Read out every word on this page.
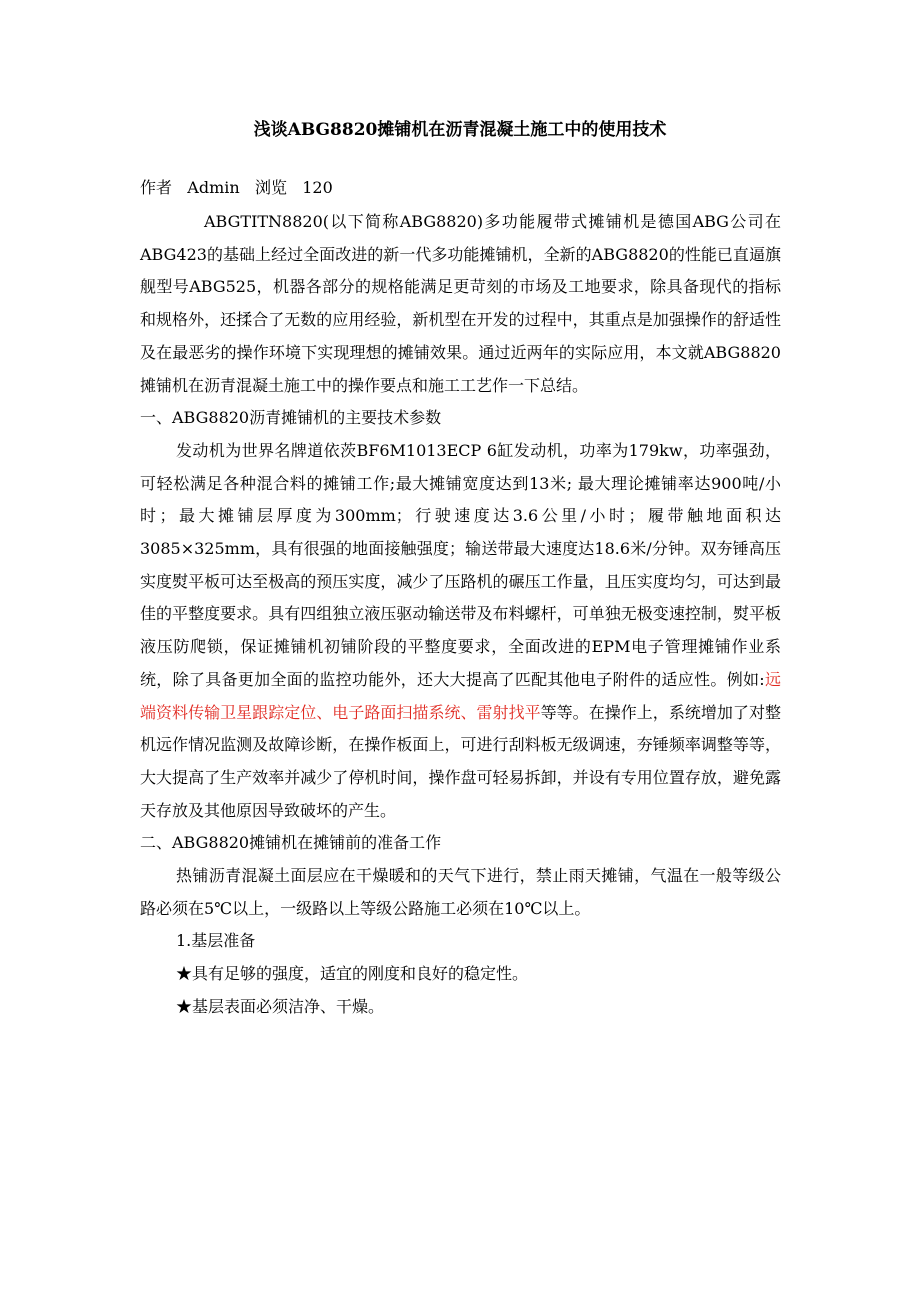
浅谈ABG8820摊铺机在沥青混凝土施工中的使用技术
作者 Admin 浏览 120

ABGTITN8820(以下简称ABG8820)多功能履带式摊铺机是德国ABG公司在ABG423的基础上经过全面改进的新一代多功能摊铺机，全新的ABG8820的性能已直逼旗舰型号ABG525，机器各部分的规格能满足更苛刻的市场及工地要求，除具备现代的指标和规格外，还揉合了无数的应用经验，新机型在开发的过程中，其重点是加强操作的舒适性及在最恶劣的操作环境下实现理想的摊铺效果。通过近两年的实际应用，本文就ABG8820摊铺机在沥青混凝土施工中的操作要点和施工工艺作一下总结。

一、ABG8820沥青摊铺机的主要技术参数

发动机为世界名牌道依茨BF6M1013ECP 6缸发动机，功率为179kw，功率强劲，可轻松满足各种混合料的摊铺工作;最大摊铺宽度达到13米; 最大理论摊铺率达900吨/小时；最大摊铺层厚度为300mm；行驶速度达3.6公里/小时；履带触地面积达3085×325mm，具有很强的地面接触强度；输送带最大速度达18.6米/分钟。双夯锤高压实度熨平板可达至极高的预压实度，减少了压路机的碾压工作量，且压实度均匀，可达到最佳的平整度要求。具有四组独立液压驱动输送带及布料螺杆，可单独无极变速控制，熨平板液压防爬锁，保证摊铺机初铺阶段的平整度要求，全面改进的EPM电子管理摊铺作业系统，除了具备更加全面的监控功能外，还大大提高了匹配其他电子附件的适应性。例如:远端资料传输卫星跟踪定位、电子路面扫描系统、雷射找平等等。在操作上，系统增加了对整机远作情况监测及故障诊断，在操作板面上，可进行刮料板无级调速，夯锤频率调整等等，大大提高了生产效率并减少了停机时间，操作盘可轻易拆卸，并设有专用位置存放，避免露天存放及其他原因导致破坏的产生。

二、ABG8820摊铺机在摊铺前的准备工作

热铺沥青混凝土面层应在干燥暖和的天气下进行，禁止雨天摊铺，气温在一般等级公路必须在5℃以上，一级路以上等级公路施工必须在10℃以上。

1.基层准备

★具有足够的强度，适宜的刚度和良好的稳定性。

★基层表面必须洁净、干燥。
